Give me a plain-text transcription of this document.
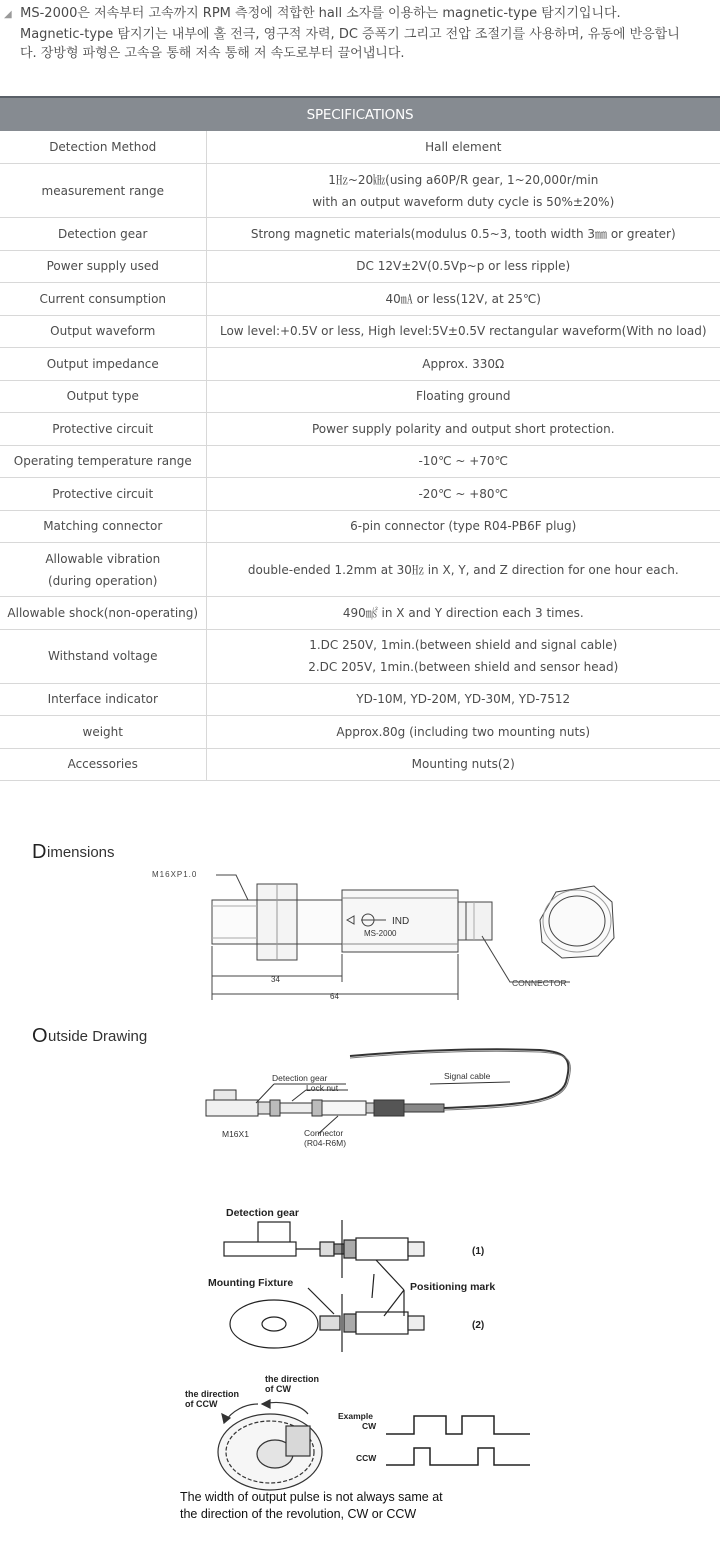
◢ MS-2000은 저속부터 고속까지 RPM 측정에 적합한 hall 소자를 이용하는 magnetic-type 탐지기입니다.
Magnetic-type 탐지기는 내부에 홀 전극, 영구적 자력, DC 증폭기 그리고 전압 조절기를 사용하며, 유동에 반응합니
다. 장방형 파형은 고속을 통해 저속 통해 저 속도로부터 끌어냅니다.
SPECIFICATIONS	

Detection Method	Hall element

measurement range	1㎐~20㎑(using a60P/R gear, 1~20,000r/min
with an output waveform duty cycle is 50%±20%)

Detection gear	Strong magnetic materials(modulus 0.5~3, tooth width 3㎜ or greater)

Power supply used	DC 12V±2V(0.5Vp~p or less ripple)

Current consumption	40㎃ or less(12V, at 25℃)

Output waveform	Low level:+0.5V or less, High level:5V±0.5V rectangular waveform(With no load)

Output impedance	Approx. 330Ω

Output type	Floating ground

Protective circuit	Power supply polarity and output short protection.

Operating temperature range	-10℃ ~ +70℃

Protective circuit	-20℃ ~ +80℃

Matching connector	6-pin connector (type R04-PB6F plug)

Allowable vibration
(during operation)	double-ended 1.2mm at 30㎐ in X, Y, and Z direction for one hour each.

Allowable shock(non-operating)	490㎨ in X and Y direction each 3 times.

Withstand voltage	1.DC 250V, 1min.(between shield and signal cable)
2.DC 205V, 1min.(between shield and sensor head)

Interface indicator	YD-10M, YD-20M, YD-30M, YD-7512

weight	Approx.80g (including two mounting nuts)

Accessories	Mounting nuts(2)
D imensions
M16XP1.0
IND
MS-2000
34
64
CONNECTOR
O utside Drawing
Detection gear
Lock nut
Signal cable
M16X1	Connector
(R04-R6M)
Detection gear
Mounting Fixture	Positioning mark
(1)
(2)
the direction
of CW
the direction
of CCW
Example
CW
CCW
The width of output pulse is not always same at
the direction of the revolution, CW or CCW
